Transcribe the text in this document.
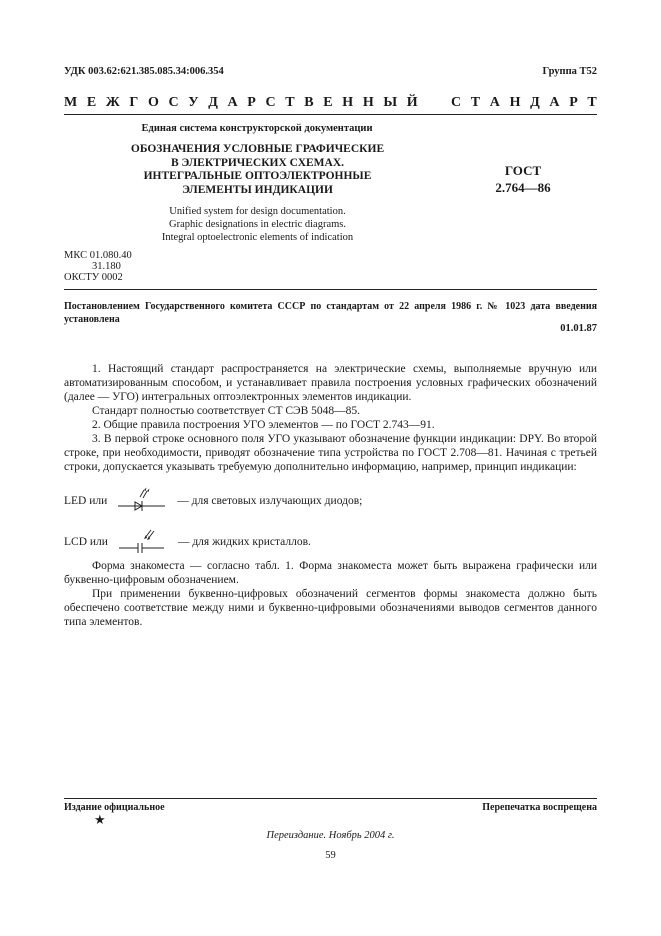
УДК 003.62:621.385.085.34:006.354	Группа Т52
М Е Ж Г О С У Д А Р С Т В Е Н Н Ы Й С Т А Н Д А Р Т
Единая система конструкторской документации
ОБОЗНАЧЕНИЯ УСЛОВНЫЕ ГРАФИЧЕСКИЕ
В ЭЛЕКТРИЧЕСКИХ СХЕМАХ.
ИНТЕГРАЛЬНЫЕ ОПТОЭЛЕКТРОННЫЕ
ЭЛЕМЕНТЫ ИНДИКАЦИИ
ГОСТ
2.764—86
Unified system for design documentation.
Graphic designations in electric diagrams.
Integral optoelectronic elements of indication
МКС 01.080.40
31.180
ОКСТУ 0002
Постановлением Государственного комитета СССР по стандартам от 22 апреля 1986 г. № 1023 дата введения установлена
01.01.87

1. Настоящий стандарт распространяется на электрические схемы, выполняемые вручную или автоматизированным способом, и устанавливает правила построения условных графических обозначений (далее — УГО) интегральных оптоэлектронных элементов индикации.

Стандарт полностью соответствует СТ СЭВ 5048—85.

2. Общие правила построения УГО элементов — по ГОСТ 2.743—91.

3. В первой строке основного поля УГО указывают обозначение функции индикации: DPY. Во второй строке, при необходимости, приводят обозначение типа устройства по ГОСТ 2.708—81. Начиная с третьей строки, допускается указывать требуемую дополнительно информацию, например, принцип индикации:

LED или	— для световых излучающих диодов;
LCD или	— для жидких кристаллов.

Форма знакоместа — согласно табл. 1. Форма знакоместа может быть выражена графически или буквенно-цифровым обозначением.

При применении буквенно-цифровых обозначений сегментов формы знакоместа должно быть обеспечено соответствие между ними и буквенно-цифровыми обозначениями выводов сегментов данного типа элементов.

Издание официальное	Перепечатка воспрещена
★
Переиздание. Ноябрь 2004 г.
59
